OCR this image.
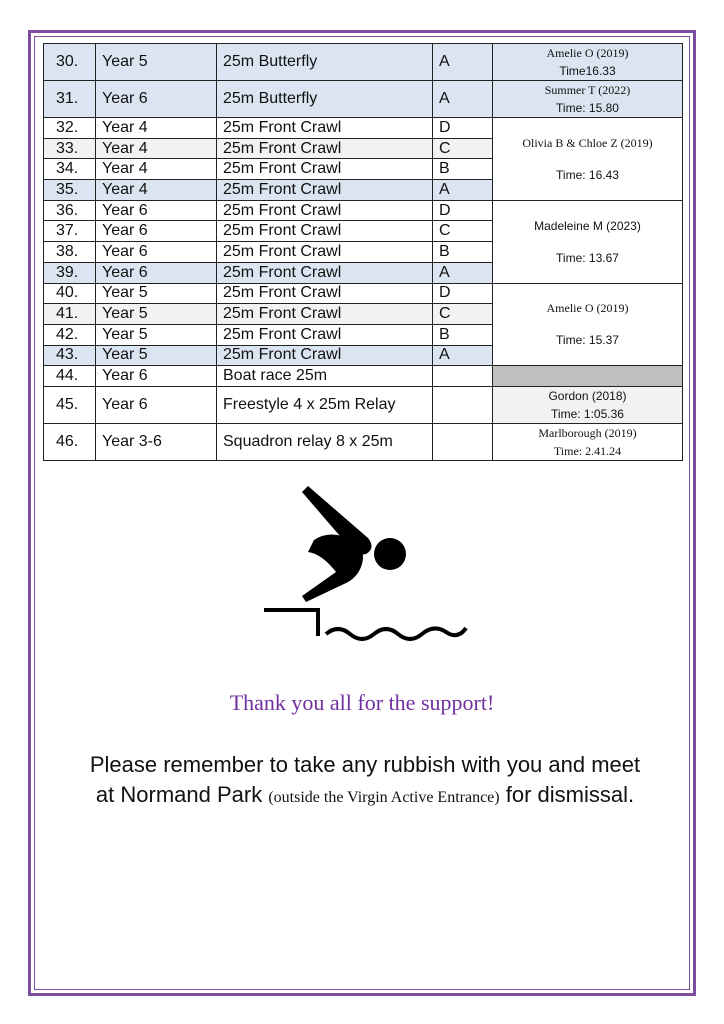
30.	Year 5	25m Butterfly	A	Amelie O (2019)
Time16.33
31.	Year 6	25m Butterfly	A	Summer T (2022)
Time: 15.80
32.	Year 4	25m Front Crawl	D	Olivia B & Chloe Z (2019)
Time: 16.43
33.	Year 4	25m Front Crawl	C	
34.	Year 4	25m Front Crawl	B	
35.	Year 4	25m Front Crawl	A	
36.	Year 6	25m Front Crawl	D	Madeleine M (2023)
Time: 13.67
37.	Year 6	25m Front Crawl	C	
38.	Year 6	25m Front Crawl	B	
39.	Year 6	25m Front Crawl	A	
40.	Year 5	25m Front Crawl	D	Amelie O (2019)
Time: 15.37
41.	Year 5	25m Front Crawl	C	
42.	Year 5	25m Front Crawl	B	
43.	Year 5	25m Front Crawl	A	
44.	Year 6	Boat race 25m		
45.	Year 6	Freestyle 4 x 25m Relay		Gordon (2018)
Time: 1:05.36
46.	Year 3-6	Squadron relay 8 x 25m		Marlborough (2019)
Time: 2.41.24
Thank you all for the support!
Please remember to take any rubbish with you and meet at Normand Park (outside the Virgin Active Entrance) for dismissal.
